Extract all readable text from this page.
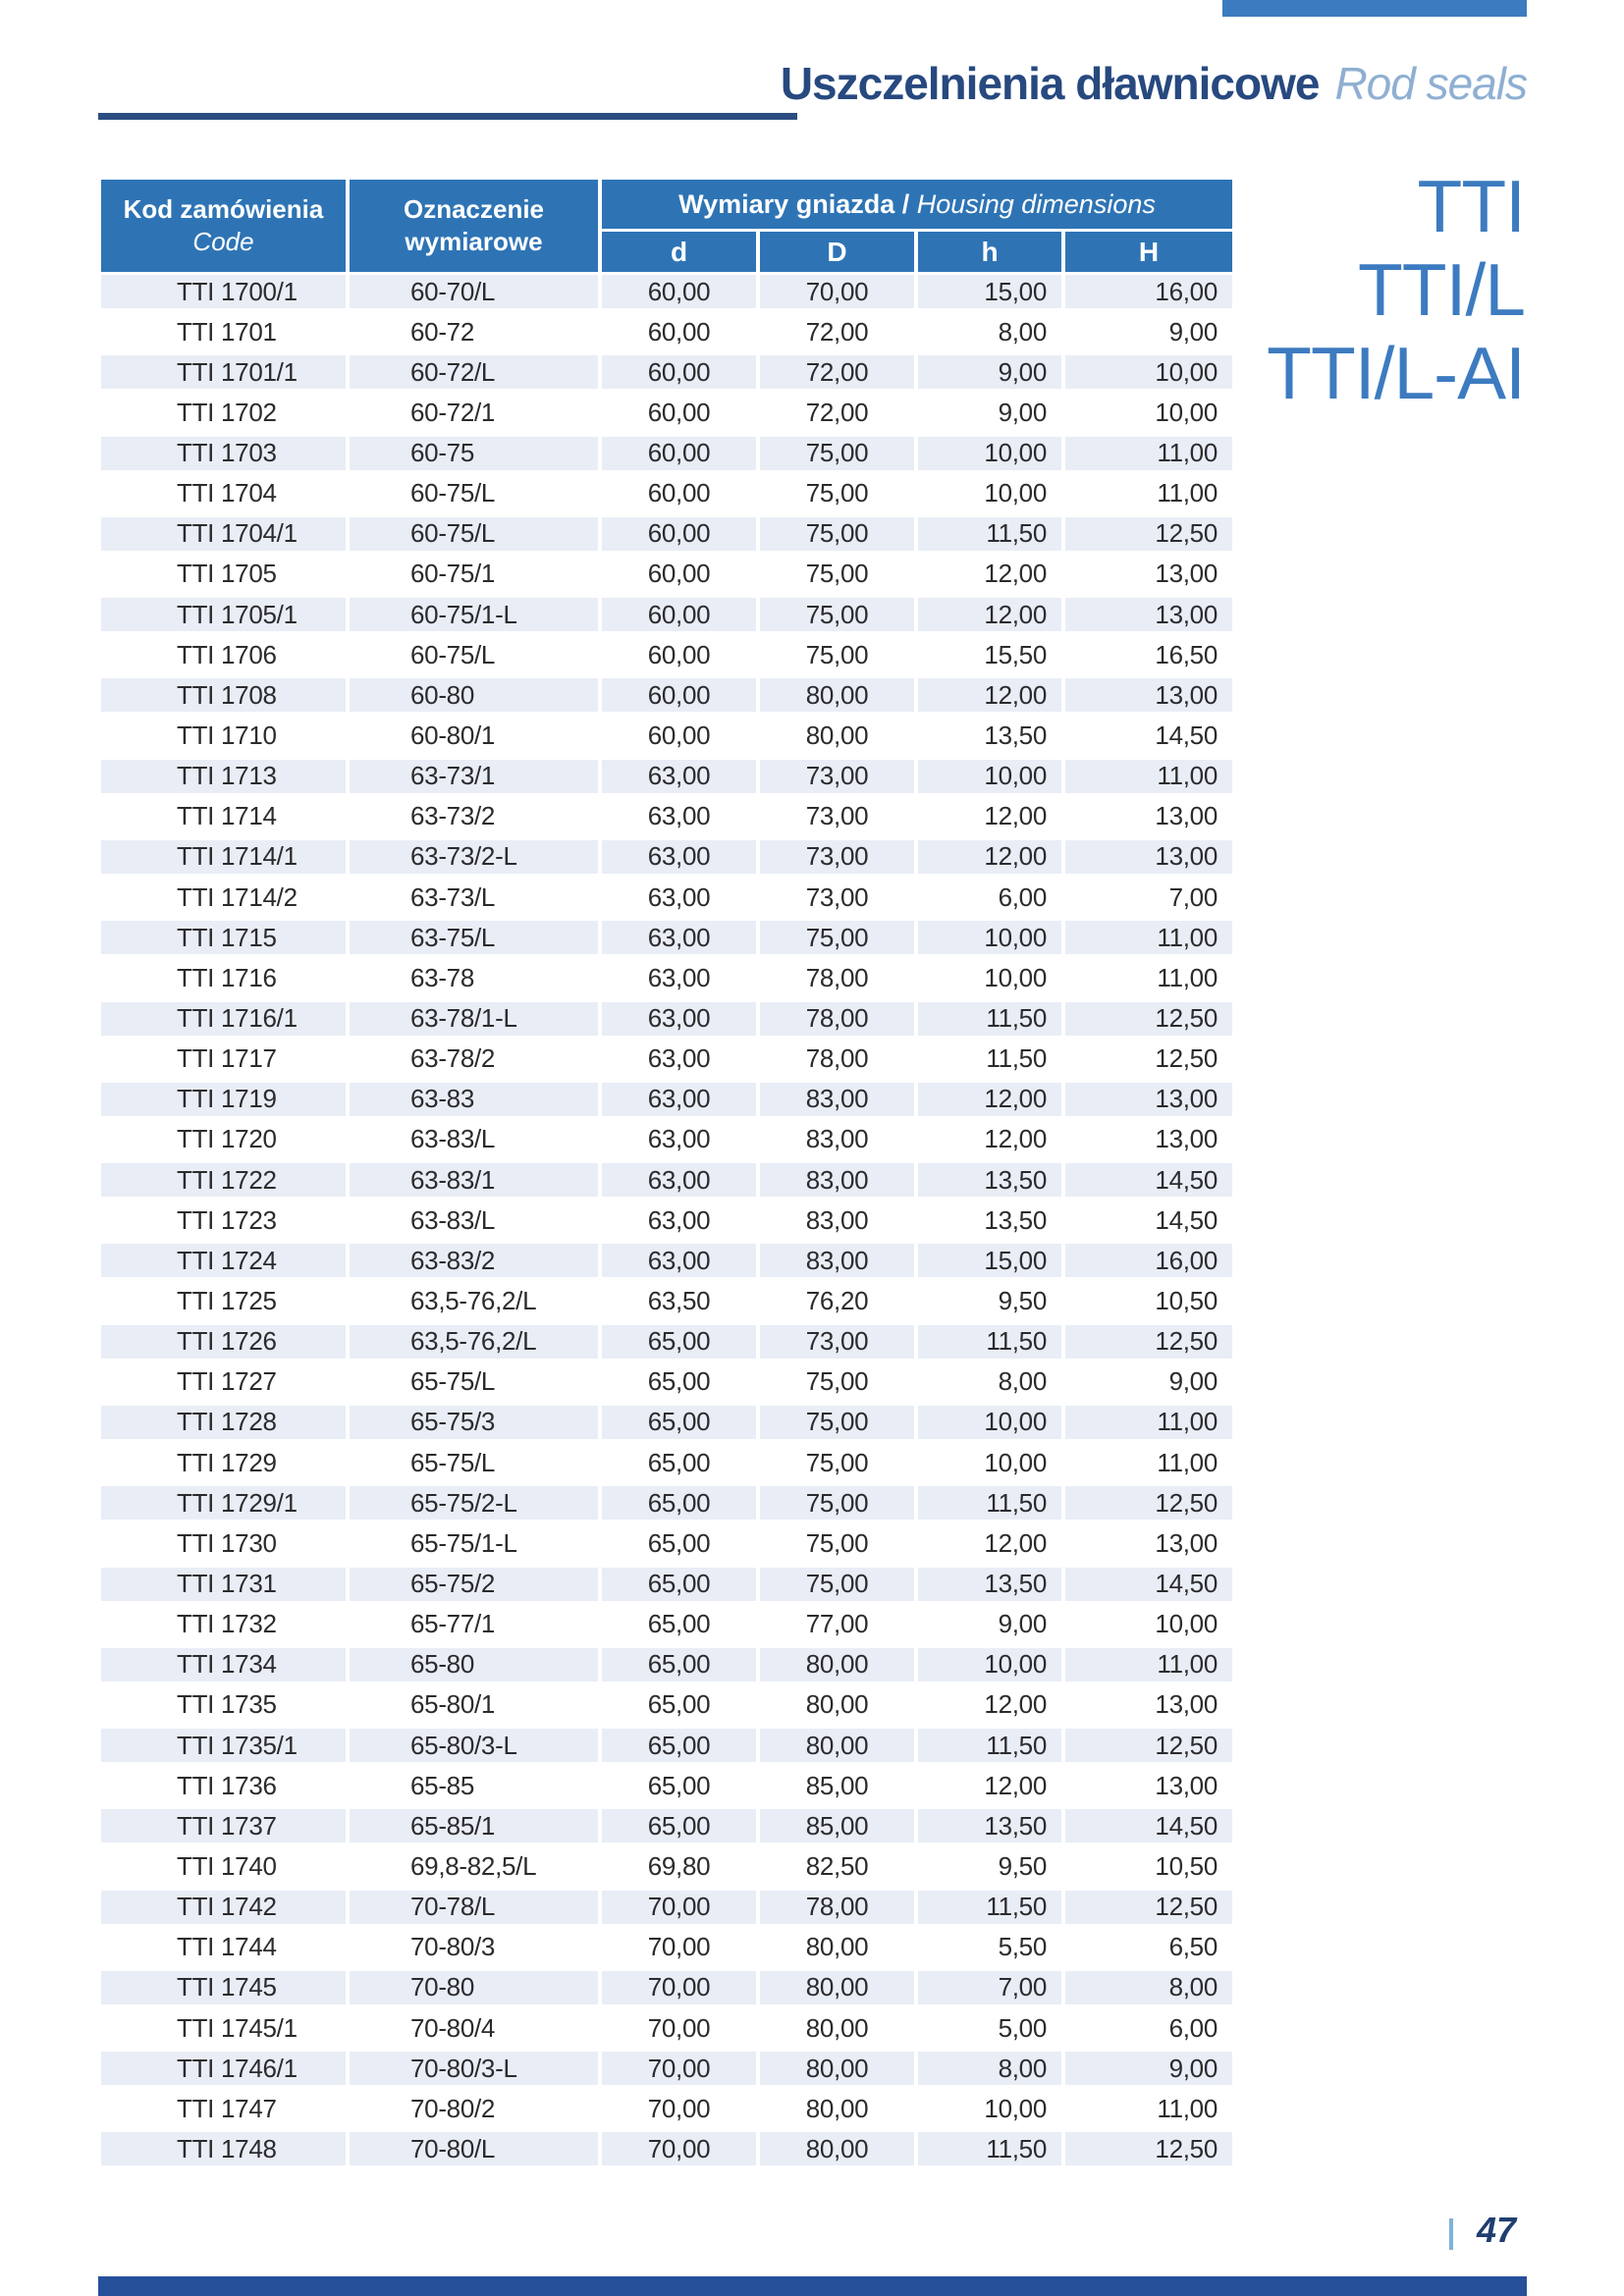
Uszczelnienia dławnicowe Rod seals
TTI
TTI/L
TTI/L-AI
Kod zamówienia
Code
Oznaczenie
wymiarowe
Wymiary gniazda / Housing dimensions
d	D	h	H
TTI 1700/1	60-70/L	60,00	70,00	15,00	16,00
TTI 1701	60-72	60,00	72,00	8,00	9,00
TTI 1701/1	60-72/L	60,00	72,00	9,00	10,00
TTI 1702	60-72/1	60,00	72,00	9,00	10,00
TTI 1703	60-75	60,00	75,00	10,00	11,00
TTI 1704	60-75/L	60,00	75,00	10,00	11,00
TTI 1704/1	60-75/L	60,00	75,00	11,50	12,50
TTI 1705	60-75/1	60,00	75,00	12,00	13,00
TTI 1705/1	60-75/1-L	60,00	75,00	12,00	13,00
TTI 1706	60-75/L	60,00	75,00	15,50	16,50
TTI 1708	60-80	60,00	80,00	12,00	13,00
TTI 1710	60-80/1	60,00	80,00	13,50	14,50
TTI 1713	63-73/1	63,00	73,00	10,00	11,00
TTI 1714	63-73/2	63,00	73,00	12,00	13,00
TTI 1714/1	63-73/2-L	63,00	73,00	12,00	13,00
TTI 1714/2	63-73/L	63,00	73,00	6,00	7,00
TTI 1715	63-75/L	63,00	75,00	10,00	11,00
TTI 1716	63-78	63,00	78,00	10,00	11,00
TTI 1716/1	63-78/1-L	63,00	78,00	11,50	12,50
TTI 1717	63-78/2	63,00	78,00	11,50	12,50
TTI 1719	63-83	63,00	83,00	12,00	13,00
TTI 1720	63-83/L	63,00	83,00	12,00	13,00
TTI 1722	63-83/1	63,00	83,00	13,50	14,50
TTI 1723	63-83/L	63,00	83,00	13,50	14,50
TTI 1724	63-83/2	63,00	83,00	15,00	16,00
TTI 1725	63,5-76,2/L	63,50	76,20	9,50	10,50
TTI 1726	63,5-76,2/L	65,00	73,00	11,50	12,50
TTI 1727	65-75/L	65,00	75,00	8,00	9,00
TTI 1728	65-75/3	65,00	75,00	10,00	11,00
TTI 1729	65-75/L	65,00	75,00	10,00	11,00
TTI 1729/1	65-75/2-L	65,00	75,00	11,50	12,50
TTI 1730	65-75/1-L	65,00	75,00	12,00	13,00
TTI 1731	65-75/2	65,00	75,00	13,50	14,50
TTI 1732	65-77/1	65,00	77,00	9,00	10,00
TTI 1734	65-80	65,00	80,00	10,00	11,00
TTI 1735	65-80/1	65,00	80,00	12,00	13,00
TTI 1735/1	65-80/3-L	65,00	80,00	11,50	12,50
TTI 1736	65-85	65,00	85,00	12,00	13,00
TTI 1737	65-85/1	65,00	85,00	13,50	14,50
TTI 1740	69,8-82,5/L	69,80	82,50	9,50	10,50
TTI 1742	70-78/L	70,00	78,00	11,50	12,50
TTI 1744	70-80/3	70,00	80,00	5,50	6,50
TTI 1745	70-80	70,00	80,00	7,00	8,00
TTI 1745/1	70-80/4	70,00	80,00	5,00	6,00
TTI 1746/1	70-80/3-L	70,00	80,00	8,00	9,00
TTI 1747	70-80/2	70,00	80,00	10,00	11,00
TTI 1748	70-80/L	70,00	80,00	11,50	12,50
47
